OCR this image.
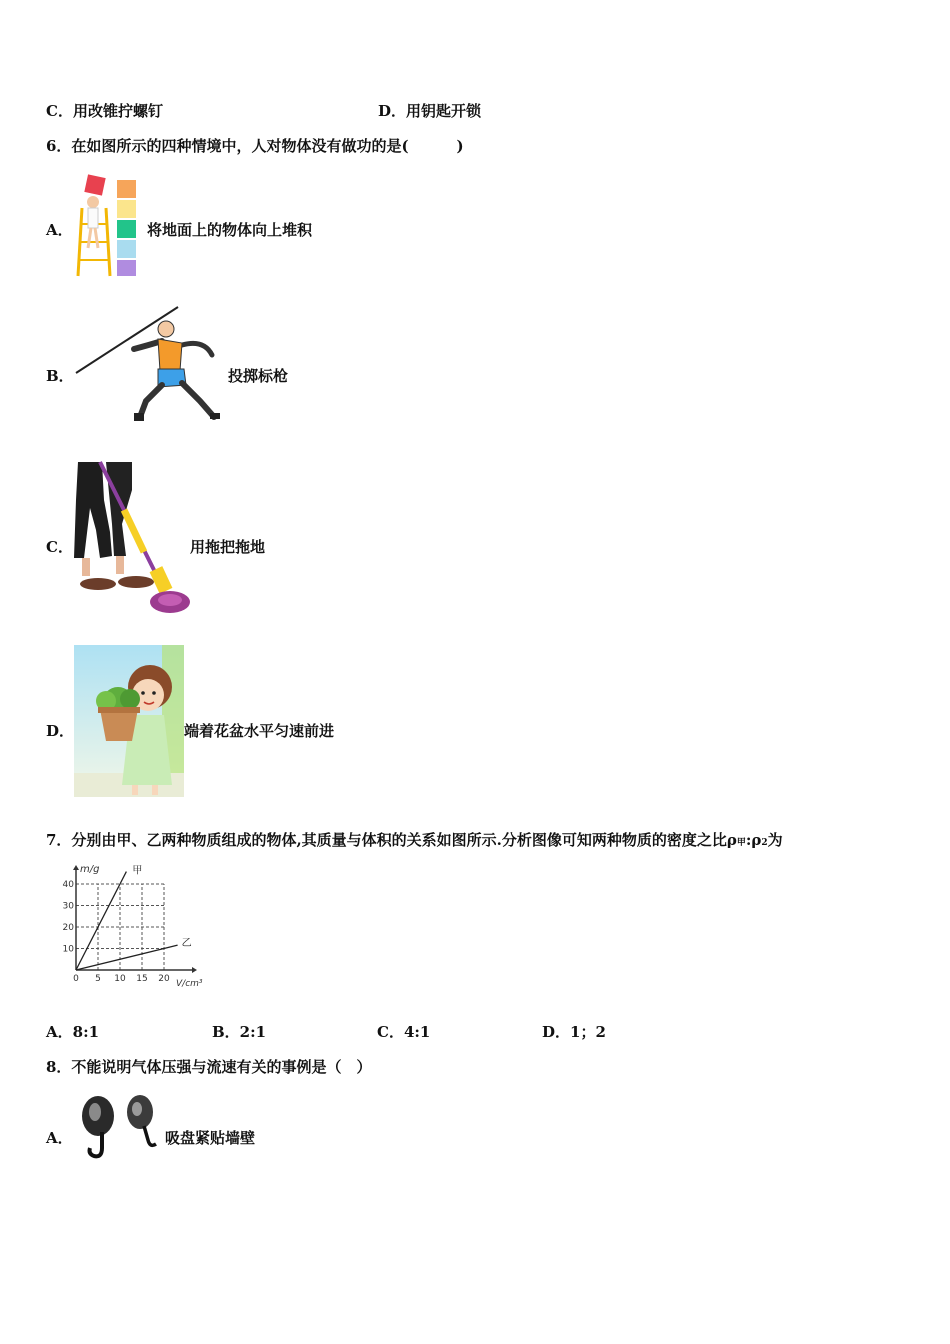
C．用改锥拧螺钉	D．用钥匙开锁
6．在如图所示的四种情境中，人对物体没有做功的是(	)
A．	将地面上的物体向上堆积
B．	投掷标枪
C．	用拖把拖地
D．	端着花盆水平匀速前进
7．分别由甲、乙两种物质组成的物体,其质量与体积的关系如图所示.分析图像可知两种物质的密度之比ρ甲:ρ2为
0 5 10 15 20
10
20
30
40
甲
乙
m/g
V/cm³
A．8:1	B．2:1	C．4:1	D．1；2
8．不能说明气体压强与流速有关的事例是（　）
A．	吸盘紧贴墙壁
